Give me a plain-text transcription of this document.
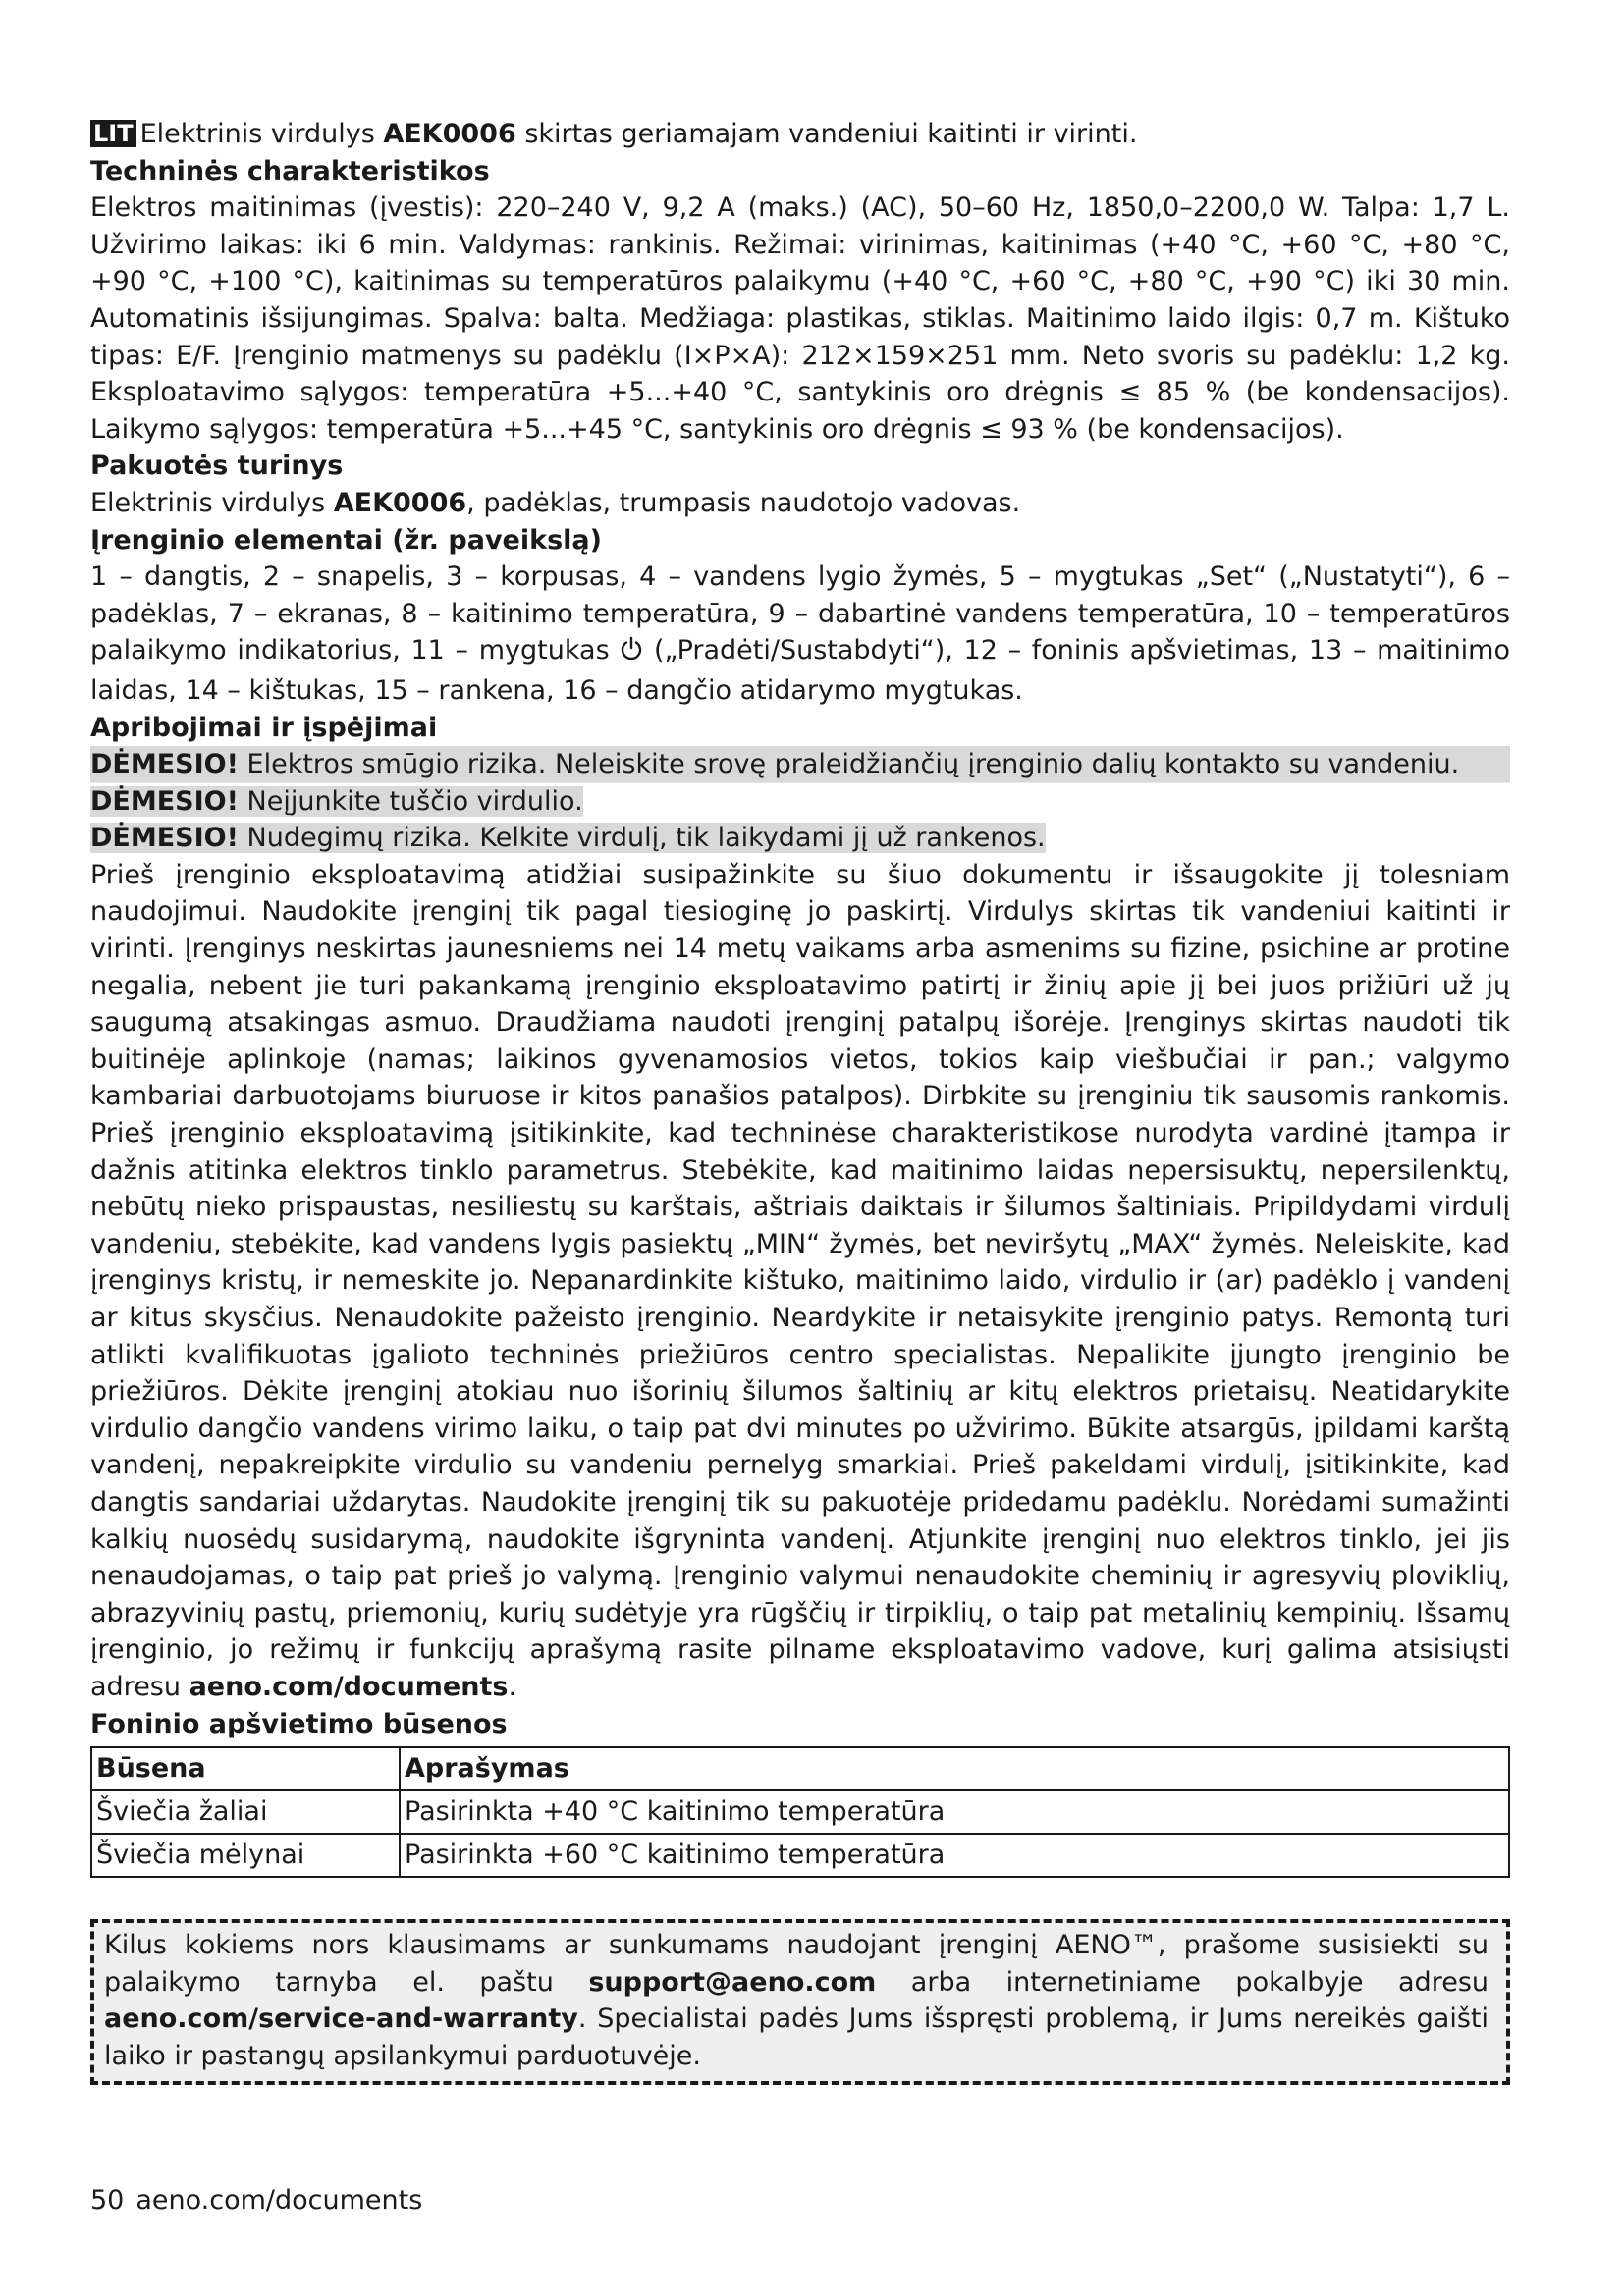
LIT Elektrinis virdulys AEK0006 skirtas geriamajam vandeniui kaitinti ir virinti.

Techninės charakteristikos

Elektros maitinimas (įvestis): 220–240 V, 9,2 A (maks.) (AC), 50–60 Hz, 1850,0–2200,0 W. Talpa: 1,7 L. Užvirimo laikas: iki 6 min. Valdymas: rankinis. Režimai: virinimas, kaitinimas (+40 °C, +60 °C, +80 °C, +90 °C, +100 °C), kaitinimas su temperatūros palaikymu (+40 °C, +60 °C, +80 °C, +90 °C) iki 30 min. Automatinis išsijungimas. Spalva: balta. Medžiaga: plastikas, stiklas. Maitinimo laido ilgis: 0,7 m. Kištuko tipas: E/F. Įrenginio matmenys su padėklu (I×P×A): 212×159×251 mm. Neto svoris su padėklu: 1,2 kg. Eksploatavimo sąlygos: temperatūra +5...+40 °C, santykinis oro drėgnis ≤ 85 % (be kondensacijos). Laikymo sąlygos: temperatūra +5...+45 °C, santykinis oro drėgnis ≤ 93 % (be kondensacijos).

Pakuotės turinys

Elektrinis virdulys AEK0006, padėklas, trumpasis naudotojo vadovas.

Įrenginio elementai (žr. paveikslą)

1 – dangtis, 2 – snapelis, 3 – korpusas, 4 – vandens lygio žymės, 5 – mygtukas „Set“ („Nustatyti“), 6 – padėklas, 7 – ekranas, 8 – kaitinimo temperatūra, 9 – dabartinė vandens temperatūra, 10 – temperatūros palaikymo indikatorius, 11 – mygtukas  („Pradėti/Sustabdyti“), 12 – foninis apšvietimas, 13 – maitinimo laidas, 14 – kištukas, 15 – rankena, 16 – dangčio atidarymo mygtukas.

Apribojimai ir įspėjimai

DĖMESIO! Elektros smūgio rizika. Neleiskite srovę praleidžiančių įrenginio dalių kontakto su vandeniu.

DĖMESIO! Neįjunkite tuščio virdulio.

DĖMESIO! Nudegimų rizika. Kelkite virdulį, tik laikydami jį už rankenos.

Prieš įrenginio eksploatavimą atidžiai susipažinkite su šiuo dokumentu ir išsaugokite jį tolesniam naudojimui. Naudokite įrenginį tik pagal tiesioginę jo paskirtį. Virdulys skirtas tik vandeniui kaitinti ir virinti. Įrenginys neskirtas jaunesniems nei 14 metų vaikams arba asmenims su fizine, psichine ar protine negalia, nebent jie turi pakankamą įrenginio eksploatavimo patirtį ir žinių apie jį bei juos prižiūri už jų saugumą atsakingas asmuo. Draudžiama naudoti įrenginį patalpų išorėje. Įrenginys skirtas naudoti tik buitinėje aplinkoje (namas; laikinos gyvenamosios vietos, tokios kaip viešbučiai ir pan.; valgymo kambariai darbuotojams biuruose ir kitos panašios patalpos). Dirbkite su įrenginiu tik sausomis rankomis. Prieš įrenginio eksploatavimą įsitikinkite, kad techninėse charakteristikose nurodyta vardinė įtampa ir dažnis atitinka elektros tinklo parametrus. Stebėkite, kad maitinimo laidas nepersisuktų, nepersilenktų, nebūtų nieko prispaustas, nesiliestų su karštais, aštriais daiktais ir šilumos šaltiniais. Pripildydami virdulį vandeniu, stebėkite, kad vandens lygis pasiektų „MIN“ žymės, bet neviršytų „MAX“ žymės. Neleiskite, kad įrenginys kristų, ir nemeskite jo. Nepanardinkite kištuko, maitinimo laido, virdulio ir (ar) padėklo į vandenį ar kitus skysčius. Nenaudokite pažeisto įrenginio. Neardykite ir netaisykite įrenginio patys. Remontą turi atlikti kvalifikuotas įgalioto techninės priežiūros centro specialistas. Nepalikite įjungto įrenginio be priežiūros. Dėkite įrenginį atokiau nuo išorinių šilumos šaltinių ar kitų elektros prietaisų. Neatidarykite virdulio dangčio vandens virimo laiku, o taip pat dvi minutes po užvirimo. Būkite atsargūs, įpildami karštą vandenį, nepakreipkite virdulio su vandeniu pernelyg smarkiai. Prieš pakeldami virdulį, įsitikinkite, kad dangtis sandariai uždarytas. Naudokite įrenginį tik su pakuotėje pridedamu padėklu. Norėdami sumažinti kalkių nuosėdų susidarymą, naudokite išgryninta vandenį. Atjunkite įrenginį nuo elektros tinklo, jei jis nenaudojamas, o taip pat prieš jo valymą. Įrenginio valymui nenaudokite cheminių ir agresyvių ploviklių, abrazyvinių pastų, priemonių, kurių sudėtyje yra rūgščių ir tirpiklių, o taip pat metalinių kempinių. Išsamų įrenginio, jo režimų ir funkcijų aprašymą rasite pilname eksploatavimo vadove, kurį galima atsisiųsti adresu aeno.com/documents.

Foninio apšvietimo būsenos

Būsena	Aprašymas
Šviečia žaliai	Pasirinkta +40 °C kaitinimo temperatūra
Šviečia mėlynai	Pasirinkta +60 °C kaitinimo temperatūra
Kilus kokiems nors klausimams ar sunkumams naudojant įrenginį AENO™, prašome susisiekti su palaikymo tarnyba el. paštu support@aeno.com arba internetiniame pokalbyje adresu aeno.com/service-and-warranty. Specialistai padės Jums išspręsti problemą, ir Jums nereikės gaišti laiko ir pastangų apsilankymui parduotuvėje.
50 aeno.com/documents
